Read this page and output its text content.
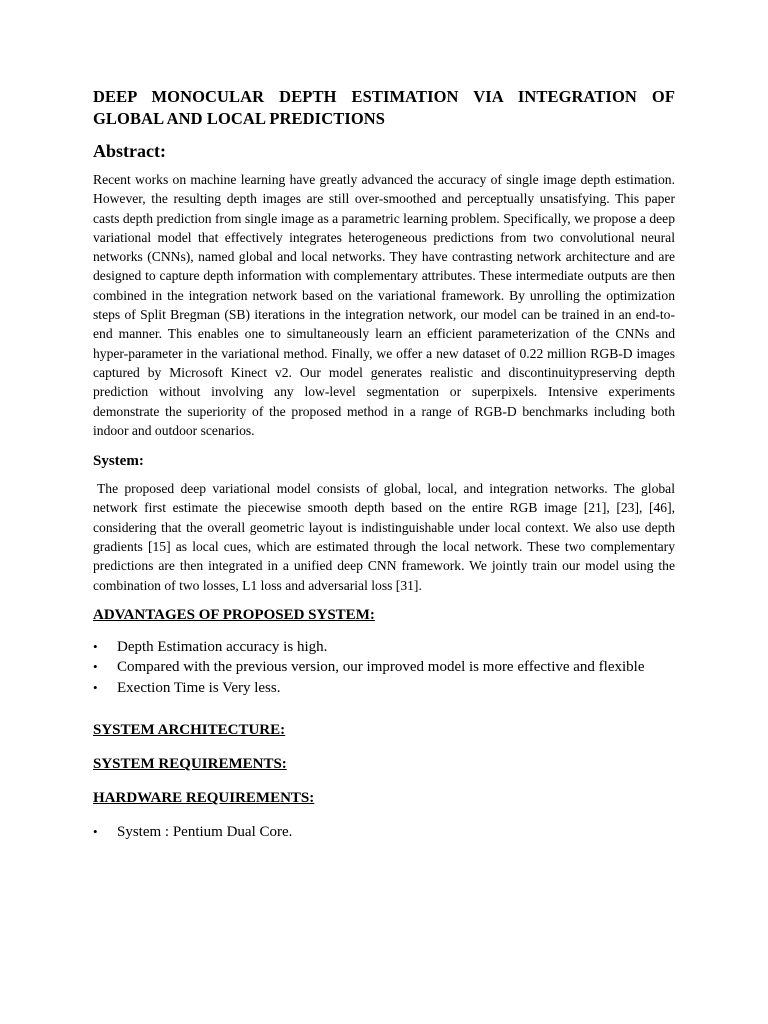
DEEP MONOCULAR DEPTH ESTIMATION VIA INTEGRATION OF GLOBAL AND LOCAL PREDICTIONS
Abstract:

Recent works on machine learning have greatly advanced the accuracy of single image depth estimation. However, the resulting depth images are still over-smoothed and perceptually unsatisfying. This paper casts depth prediction from single image as a parametric learning problem. Specifically, we propose a deep variational model that effectively integrates heterogeneous predictions from two convolutional neural networks (CNNs), named global and local networks. They have contrasting network architecture and are designed to capture depth information with complementary attributes. These intermediate outputs are then combined in the integration network based on the variational framework. By unrolling the optimization steps of Split Bregman (SB) iterations in the integration network, our model can be trained in an end-to-end manner. This enables one to simultaneously learn an efficient parameterization of the CNNs and hyper-parameter in the variational method. Finally, we offer a new dataset of 0.22 million RGB-D images captured by Microsoft Kinect v2. Our model generates realistic and discontinuitypreserving depth prediction without involving any low-level segmentation or superpixels. Intensive experiments demonstrate the superiority of the proposed method in a range of RGB-D benchmarks including both indoor and outdoor scenarios.

System:

The proposed deep variational model consists of global, local, and integration networks. The global network first estimate the piecewise smooth depth based on the entire RGB image [21], [23], [46], considering that the overall geometric layout is indistinguishable under local context. We also use depth gradients [15] as local cues, which are estimated through the local network. These two complementary predictions are then integrated in a unified deep CNN framework. We jointly train our model using the combination of two losses, L1 loss and adversarial loss [31].

ADVANTAGES OF PROPOSED SYSTEM:
• Depth Estimation accuracy is high.
• Compared with the previous version, our improved model is more effective and flexible
• Exection Time is Very less.
SYSTEM ARCHITECTURE:
SYSTEM REQUIREMENTS:
HARDWARE REQUIREMENTS:
• System : Pentium Dual Core.
